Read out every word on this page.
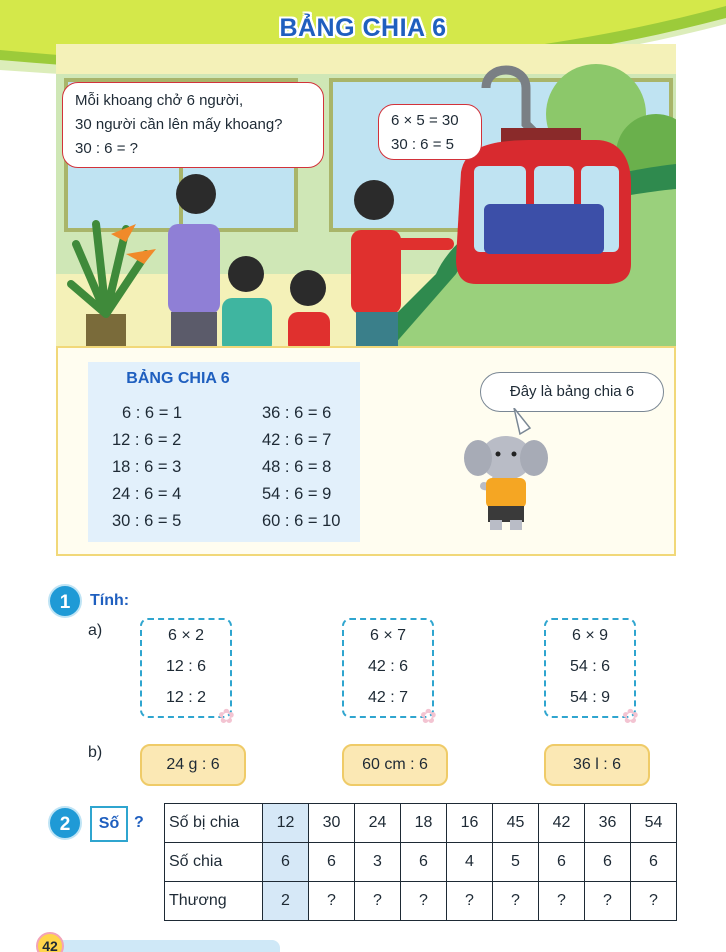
BẢNG CHIA 6
Mỗi khoang chở 6 người,
30 người cần lên mấy khoang?
30 : 6 = ?
6 × 5 = 30
30 : 6 = 5
BẢNG CHIA 6
6 : 6 = 1
12 : 6 = 2
18 : 6 = 3
24 : 6 = 4
30 : 6 = 5
36 : 6 = 6
42 : 6 = 7
48 : 6 = 8
54 : 6 = 9
60 : 6 = 10
Đây là bảng chia 6
1	Tính:
a)	6 × 2
12 : 6
12 : 2
✿
6 × 7
42 : 6
42 : 7
✿
6 × 9
54 : 6
54 : 9
✿
b)
24 g : 6	60 cm : 6	36 l : 6
2	Số ? Số bị chia	12	30	24	18	16	45	42	36	54
Số chia	6	6	3	6	4	5	6	6	6
Thương	2	?	?	?	?	?	?	?	?
42
